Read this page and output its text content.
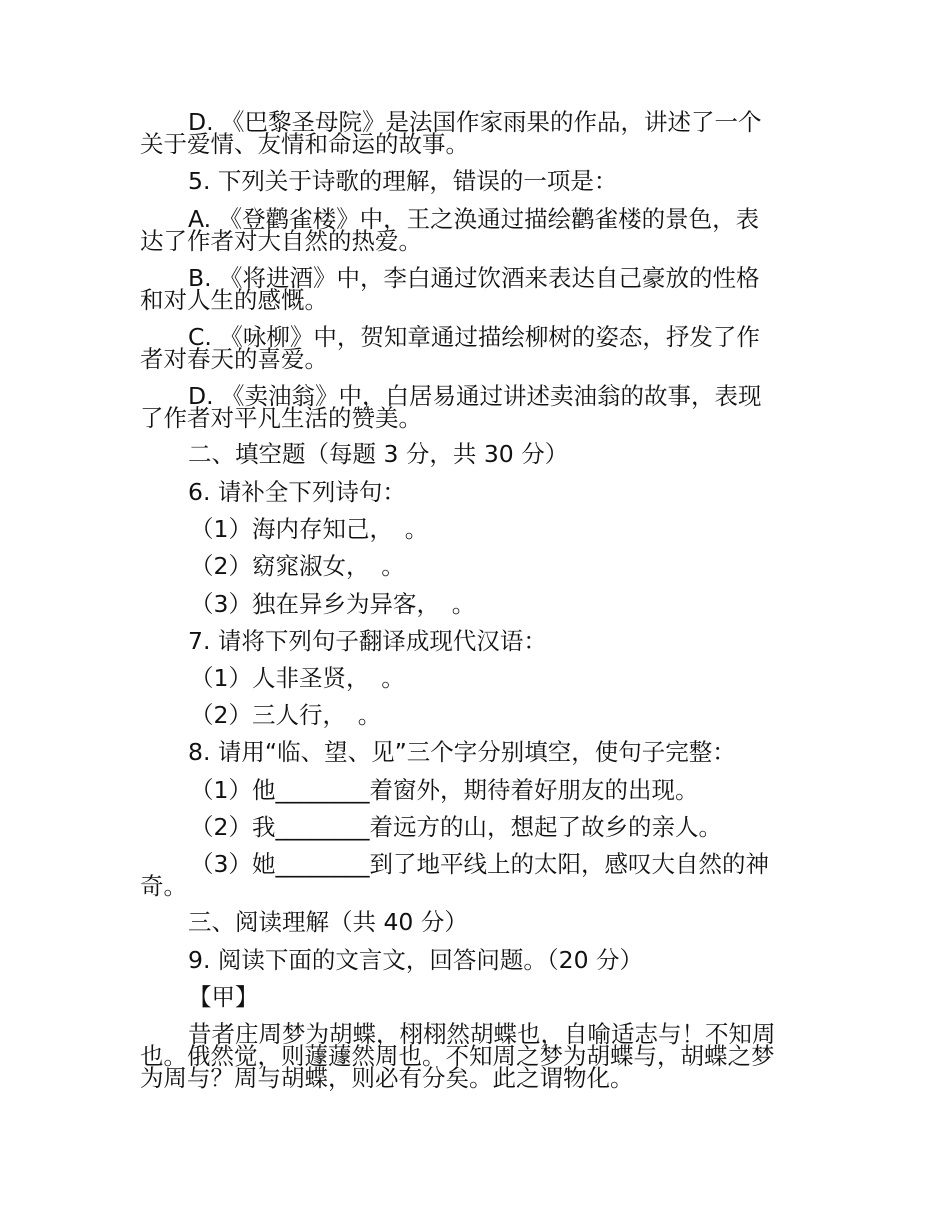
D. 《巴黎圣母院》是法国作家雨果的作品，讲述了一个

关于爱情、友情和命运的故事。

5. 下列关于诗歌的理解，错误的一项是：

A. 《登鹳雀楼》中，王之涣通过描绘鹳雀楼的景色，表

达了作者对大自然的热爱。

B. 《将进酒》中，李白通过饮酒来表达自己豪放的性格

和对人生的感慨。

C. 《咏柳》中，贺知章通过描绘柳树的姿态，抒发了作

者对春天的喜爱。

D. 《卖油翁》中，白居易通过讲述卖油翁的故事，表现

了作者对平凡生活的赞美。

二、填空题（每题 3 分，共 30 分）

6. 请补全下列诗句：

（1）海内存知己，　。

（2）窈窕淑女，　。

（3）独在异乡为异客，　。

7. 请将下列句子翻译成现代汉语：

（1）人非圣贤，　。

（2）三人行，　。

8. 请用“临、望、见”三个字分别填空，使句子完整：

（1）他________着窗外，期待着好朋友的出现。

（2）我________着远方的山，想起了故乡的亲人。

（3）她________到了地平线上的太阳，感叹大自然的神

奇。

三、阅读理解（共 40 分）

9. 阅读下面的文言文，回答问题。（20 分）

【甲】

昔者庄周梦为胡蝶，栩栩然胡蝶也，自喻适志与！不知周

也。俄然觉，则蘧蘧然周也。不知周之梦为胡蝶与，胡蝶之梦

为周与？周与胡蝶，则必有分矣。此之谓物化。
